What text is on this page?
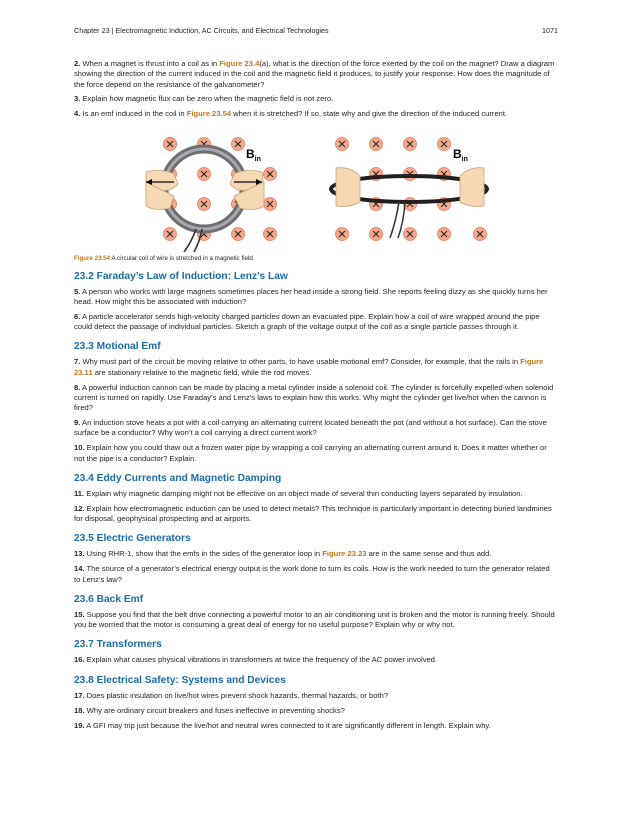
Chapter 23 | Electromagnetic Induction, AC Circuits, and Electrical Technologies	1071

2. When a magnet is thrust into a coil as in Figure 23.4(a), what is the direction of the force exerted by the coil on the magnet? Draw a diagram showing the direction of the current induced in the coil and the magnetic field it produces, to justify your response. How does the magnitude of the force depend on the resistance of the galvanometer?

3. Explain how magnetic flux can be zero when the magnetic field is not zero.

4. Is an emf induced in the coil in Figure 23.54 when it is stretched? If so, state why and give the direction of the induced current.

$B_{in}$	$B_{in}$

Figure 23.54 A circular coil of wire is stretched in a magnetic field.

23.2 Faraday’s Law of Induction: Lenz’s Law

5. A person who works with large magnets sometimes places her head inside a strong field. She reports feeling dizzy as she quickly turns her head. How might this be associated with induction?

6. A particle accelerator sends high-velocity charged particles down an evacuated pipe. Explain how a coil of wire wrapped around the pipe could detect the passage of individual particles. Sketch a graph of the voltage output of the coil as a single particle passes through it.

23.3 Motional Emf

7. Why must part of the circuit be moving relative to other parts, to have usable motional emf? Consider, for example, that the rails in Figure 23.11 are stationary relative to the magnetic field, while the rod moves.

8. A powerful induction cannon can be made by placing a metal cylinder inside a solenoid coil. The cylinder is forcefully expelled when solenoid current is turned on rapidly. Use Faraday’s and Lenz’s laws to explain how this works. Why might the cylinder get live/hot when the cannon is fired?

9. An induction stove heats a pot with a coil carrying an alternating current located beneath the pot (and without a hot surface). Can the stove surface be a conductor? Why won’t a coil carrying a direct current work?

10. Explain how you could thaw out a frozen water pipe by wrapping a coil carrying an alternating current around it. Does it matter whether or not the pipe is a conductor? Explain.

23.4 Eddy Currents and Magnetic Damping

11. Explain why magnetic damping might not be effective on an object made of several thin conducting layers separated by insulation.

12. Explain how electromagnetic induction can be used to detect metals? This technique is particularly important in detecting buried landmines for disposal, geophysical prospecting and at airports.

23.5 Electric Generators

13. Using RHR-1, show that the emfs in the sides of the generator loop in Figure 23.23 are in the same sense and thus add.

14. The source of a generator’s electrical energy output is the work done to turn its coils. How is the work needed to turn the generator related to Lenz’s law?

23.6 Back Emf

15. Suppose you find that the belt drive connecting a powerful motor to an air conditioning unit is broken and the motor is running freely. Should you be worried that the motor is consuming a great deal of energy for no useful purpose? Explain why or why not.

23.7 Transformers

16. Explain what causes physical vibrations in transformers at twice the frequency of the AC power involved.

23.8 Electrical Safety: Systems and Devices

17. Does plastic insulation on live/hot wires prevent shock hazards, thermal hazards, or both?

18. Why are ordinary circuit breakers and fuses ineffective in preventing shocks?

19. A GFI may trip just because the live/hot and neutral wires connected to it are significantly different in length. Explain why.
